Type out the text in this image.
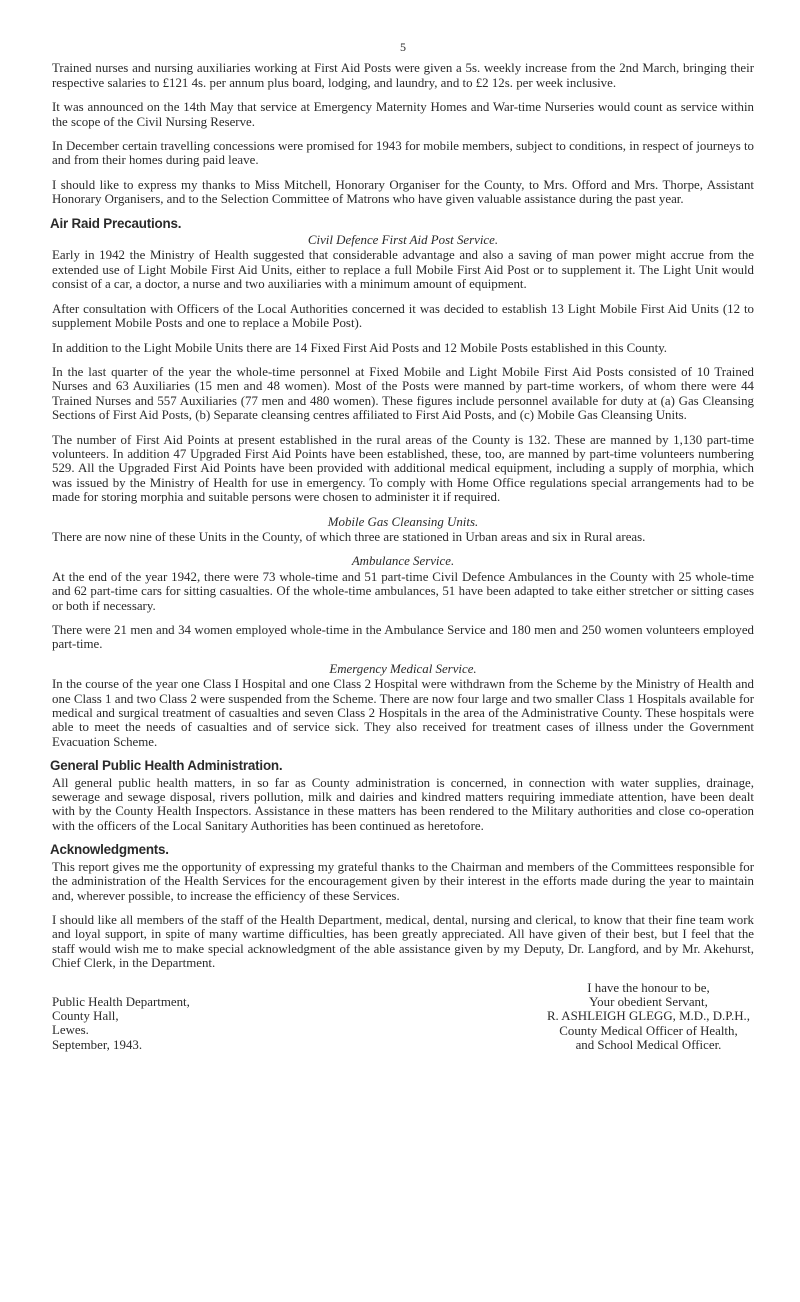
5

Trained nurses and nursing auxiliaries working at First Aid Posts were given a 5s. weekly increase from the 2nd March, bringing their respective salaries to £121 4s. per annum plus board, lodging, and laundry, and to £2 12s. per week inclusive.

It was announced on the 14th May that service at Emergency Maternity Homes and War-time Nurseries would count as service within the scope of the Civil Nursing Reserve.

In December certain travelling concessions were promised for 1943 for mobile members, subject to conditions, in respect of journeys to and from their homes during paid leave.

I should like to express my thanks to Miss Mitchell, Honorary Organiser for the County, to Mrs. Offord and Mrs. Thorpe, Assistant Honorary Organisers, and to the Selection Committee of Matrons who have given valuable assistance during the past year.

Air Raid Precautions.
Civil Defence First Aid Post Service.

Early in 1942 the Ministry of Health suggested that considerable advantage and also a saving of man power might accrue from the extended use of Light Mobile First Aid Units, either to replace a full Mobile First Aid Post or to supplement it. The Light Unit would consist of a car, a doctor, a nurse and two auxiliaries with a minimum amount of equipment.

After consultation with Officers of the Local Authorities concerned it was decided to establish 13 Light Mobile First Aid Units (12 to supplement Mobile Posts and one to replace a Mobile Post).

In addition to the Light Mobile Units there are 14 Fixed First Aid Posts and 12 Mobile Posts established in this County.

In the last quarter of the year the whole-time personnel at Fixed Mobile and Light Mobile First Aid Posts consisted of 10 Trained Nurses and 63 Auxiliaries (15 men and 48 women). Most of the Posts were manned by part-time workers, of whom there were 44 Trained Nurses and 557 Auxiliaries (77 men and 480 women). These figures include personnel available for duty at (a) Gas Cleansing Sections of First Aid Posts, (b) Separate cleansing centres affiliated to First Aid Posts, and (c) Mobile Gas Cleansing Units.

The number of First Aid Points at present established in the rural areas of the County is 132. These are manned by 1,130 part-time volunteers. In addition 47 Upgraded First Aid Points have been established, these, too, are manned by part-time volunteers numbering 529. All the Upgraded First Aid Points have been provided with additional medical equipment, including a supply of morphia, which was issued by the Ministry of Health for use in emergency. To comply with Home Office regulations special arrangements had to be made for storing morphia and suitable persons were chosen to administer it if required.

Mobile Gas Cleansing Units.

There are now nine of these Units in the County, of which three are stationed in Urban areas and six in Rural areas.

Ambulance Service.

At the end of the year 1942, there were 73 whole-time and 51 part-time Civil Defence Ambulances in the County with 25 whole-time and 62 part-time cars for sitting casualties. Of the whole-time ambulances, 51 have been adapted to take either stretcher or sitting cases or both if necessary.

There were 21 men and 34 women employed whole-time in the Ambulance Service and 180 men and 250 women volunteers employed part-time.

Emergency Medical Service.

In the course of the year one Class I Hospital and one Class 2 Hospital were withdrawn from the Scheme by the Ministry of Health and one Class 1 and two Class 2 were suspended from the Scheme. There are now four large and two smaller Class 1 Hospitals available for medical and surgical treatment of casualties and seven Class 2 Hospitals in the area of the Administrative County. These hospitals were able to meet the needs of casualties and of service sick. They also received for treatment cases of illness under the Government Evacuation Scheme.

General Public Health Administration.

All general public health matters, in so far as County administration is concerned, in connection with water supplies, drainage, sewerage and sewage disposal, rivers pollution, milk and dairies and kindred matters requiring immediate attention, have been dealt with by the County Health Inspectors. Assistance in these matters has been rendered to the Military authorities and close co-operation with the officers of the Local Sanitary Authorities has been continued as heretofore.

Acknowledgments.

This report gives me the opportunity of expressing my grateful thanks to the Chairman and members of the Committees responsible for the administration of the Health Services for the encouragement given by their interest in the efforts made during the year to maintain and, wherever possible, to increase the efficiency of these Services.

I should like all members of the staff of the Health Department, medical, dental, nursing and clerical, to know that their fine team work and loyal support, in spite of many wartime difficulties, has been greatly appreciated. All have given of their best, but I feel that the staff would wish me to make special acknowledgment of the able assistance given by my Deputy, Dr. Langford, and by Mr. Akehurst, Chief Clerk, in the Department.

Public Health Department,
County Hall,
Lewes.
September, 1943.
I have the honour to be,
Your obedient Servant,
R. ASHLEIGH GLEGG, M.D., D.P.H.,
County Medical Officer of Health,
and School Medical Officer.
